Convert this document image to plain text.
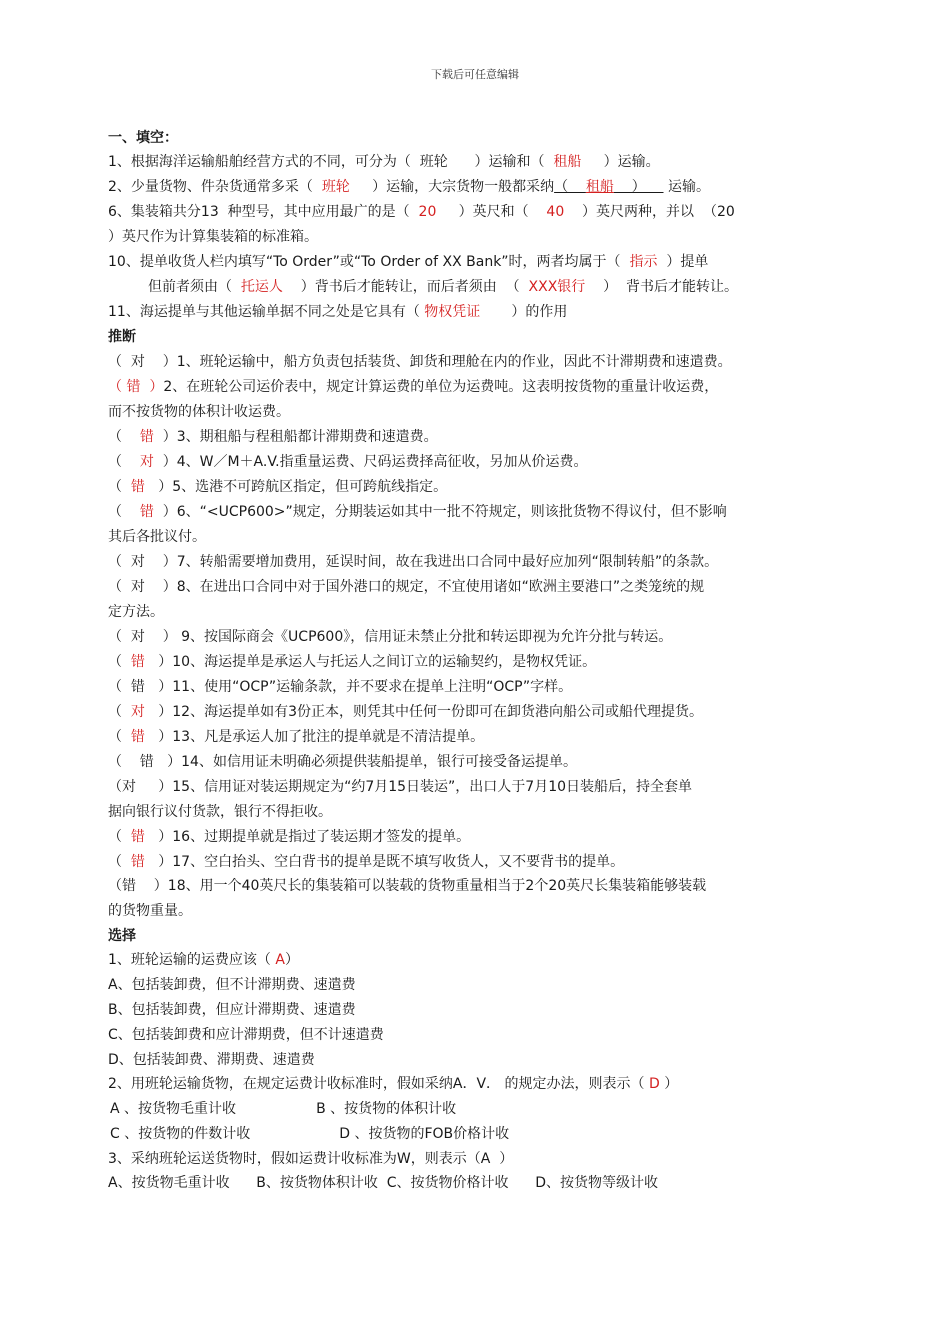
下载后可任意编辑
一、填空：
1、根据海洋运输船舶经营方式的不同，可分为（  班轮      ）运输和（  租船     ）运输。
2、少量货物、件杂货通常多采（  班轮     ）运输，大宗货物一般都采纳（    租船    ）     运输。
6、集装箱共分13  种型号，其中应用最广的是（  20     ）英尺和（    40    ）英尺两种，并以  （20
）英尺作为计算集装箱的标准箱。
10、提单收货人栏内填写“To Order”或“To Order of XX Bank”时，两者均属于（  指示  ）提单
但前者须由（  托运人    ）背书后才能转让，而后者须由  （  XXX银行    ）  背书后才能转让。
11、海运提单与其他运输单据不同之处是它具有（ 物权凭证       ）的作用
推断
（  对    ）1、班轮运输中，船方负责包括装货、卸货和理舱在内的作业，因此不计滞期费和速遣费。
（ 错  ）2、在班轮公司运价表中，规定计算运费的单位为运费吨。这表明按货物的重量计收运费，
而不按货物的体积计收运费。
（    错  ）3、期租船与程租船都计滞期费和速遣费。
（    对  ）4、W／M＋A.V.指重量运费、尺码运费择高征收，另加从价运费。
（  错   ）5、选港不可跨航区指定，但可跨航线指定。
（    错  ）6、“<UCP600>”规定，分期装运如其中一批不符规定，则该批货物不得议付，但不影响
其后各批议付。
（  对    ）7、转船需要增加费用，延误时间，故在我进出口合同中最好应加列“限制转船”的条款。
（  对    ）8、在进出口合同中对于国外港口的规定，不宜使用诸如“欧洲主要港口”之类笼统的规
定方法。
（  对    ） 9、按国际商会《UCP600》，信用证未禁止分批和转运即视为允许分批与转运。
（  错   ）10、海运提单是承运人与托运人之间订立的运输契约，是物权凭证。
（  错   ）11、使用“OCP”运输条款，并不要求在提单上注明“OCP”字样。
（  对   ）12、海运提单如有3份正本，则凭其中任何一份即可在卸货港向船公司或船代理提货。
（  错   ）13、凡是承运人加了批注的提单就是不清洁提单。
（    错   ）14、如信用证未明确必须提供装船提单，银行可接受备运提单。
（对     ）15、信用证对装运期规定为“约7月15日装运”，出口人于7月10日装船后，持全套单
据向银行议付货款，银行不得拒收。
（  错   ）16、过期提单就是指过了装运期才签发的提单。
（  错   ）17、空白抬头、空白背书的提单是既不填写收货人，又不要背书的提单。
（错    ）18、用一个40英尺长的集装箱可以装载的货物重量相当于2个20英尺长集装箱能够装载
的货物重量。
选择
1、班轮运输的运费应该（ A）
A、包括装卸费，但不计滞期费、速遣费
B、包括装卸费，但应计滞期费、速遣费
C、包括装卸费和应计滞期费，但不计速遣费
D、包括装卸费、滞期费、速遣费
2、用班轮运输货物，在规定运费计收标准时，假如采纳A．V． 的规定办法，则表示（ D ）
A 、按货物毛重计收                  B 、按货物的体积计收
C 、按货物的件数计收                    D 、按货物的FOB价格计收
3、采纳班轮运送货物时，假如运费计收标准为W，则表示（A  ）
A、按货物毛重计收      B、按货物体积计收  C、按货物价格计收      D、按货物等级计收
